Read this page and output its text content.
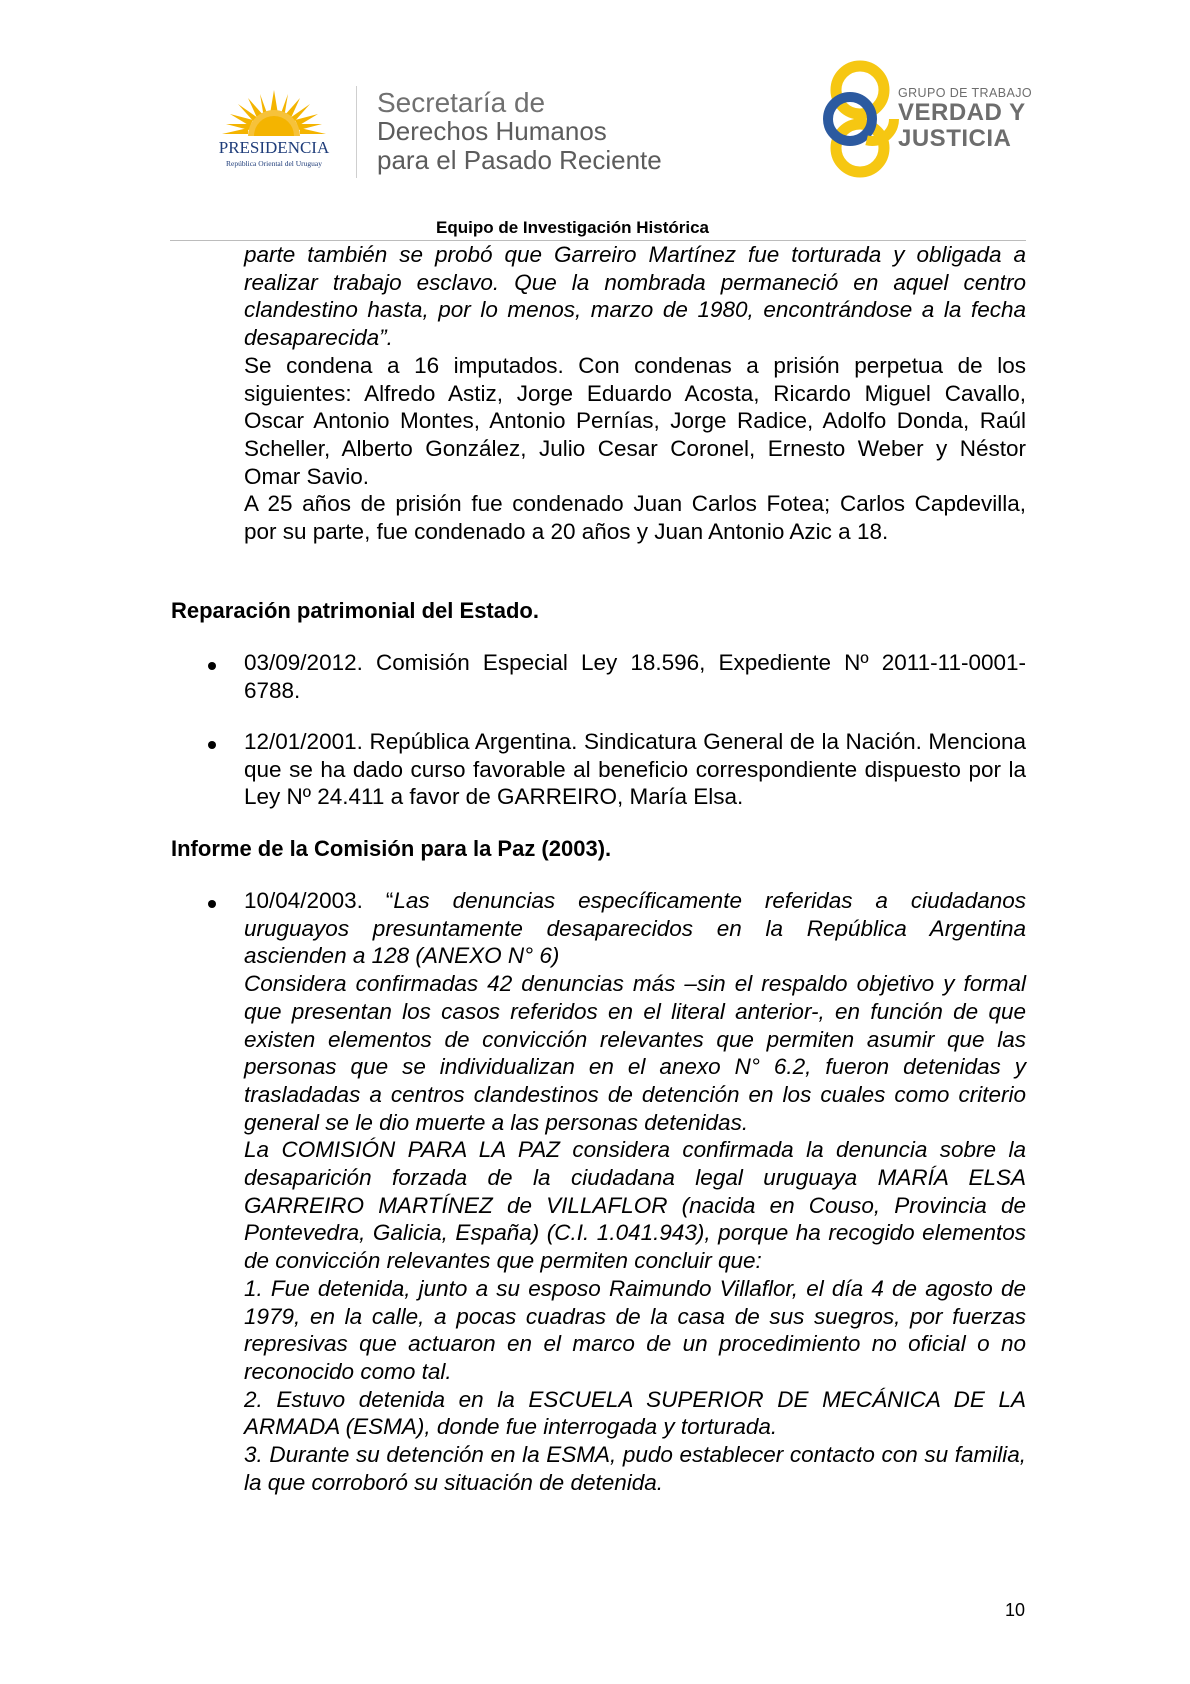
PRESIDENCIA
República Oriental del Uruguay
Secretaría de
Derechos Humanos
para el Pasado Reciente
GRUPO DE TRABAJO
VERDAD Y
JUSTICIA
Equipo de Investigación Histórica

parte también se probó que Garreiro Martínez fue torturada y obligada a realizar trabajo esclavo. Que la nombrada permaneció en aquel centro clandestino hasta, por lo menos, marzo de 1980, encontrándose a la fecha desaparecida”.

Se condena a 16 imputados. Con condenas a prisión perpetua de los siguientes: Alfredo Astiz, Jorge Eduardo Acosta, Ricardo Miguel Cavallo, Oscar Antonio Montes, Antonio Pernías, Jorge Radice, Adolfo Donda, Raúl Scheller, Alberto González, Julio Cesar Coronel, Ernesto Weber y Néstor Omar Savio.

A 25 años de prisión fue condenado Juan Carlos Fotea; Carlos Capdevilla, por su parte, fue condenado a 20 años y Juan Antonio Azic a 18.

Reparación patrimonial del Estado.

03/09/2012. Comisión Especial Ley 18.596, Expediente Nº 2011-11-0001-6788.

12/01/2001. República Argentina. Sindicatura General de la Nación. Menciona que se ha dado curso favorable al beneficio correspondiente dispuesto por la Ley Nº 24.411 a favor de GARREIRO, María Elsa.

Informe de la Comisión para la Paz (2003).

10/04/2003. “Las denuncias específicamente referidas a ciudadanos uruguayos presuntamente desaparecidos en la República Argentina ascienden a 128 (ANEXO N° 6)

Considera confirmadas 42 denuncias más –sin el respaldo objetivo y formal que presentan los casos referidos en el literal anterior-, en función de que existen elementos de convicción relevantes que permiten asumir que las personas que se individualizan en el anexo N° 6.2, fueron detenidas y trasladadas a centros clandestinos de detención en los cuales como criterio general se le dio muerte a las personas detenidas.

La COMISIÓN PARA LA PAZ considera confirmada la denuncia sobre la desaparición forzada de la ciudadana legal uruguaya MARÍA ELSA GARREIRO MARTÍNEZ de VILLAFLOR (nacida en Couso, Provincia de Pontevedra, Galicia, España) (C.I. 1.041.943), porque ha recogido elementos de convicción relevantes que permiten concluir que:

1. Fue detenida, junto a su esposo Raimundo Villaflor, el día 4 de agosto de 1979, en la calle, a pocas cuadras de la casa de sus suegros, por fuerzas represivas que actuaron en el marco de un procedimiento no oficial o no reconocido como tal.

2. Estuvo detenida en la ESCUELA SUPERIOR DE MECÁNICA DE LA ARMADA (ESMA), donde fue interrogada y torturada.

3. Durante su detención en la ESMA, pudo establecer contacto con su familia, la que corroboró su situación de detenida.

10
